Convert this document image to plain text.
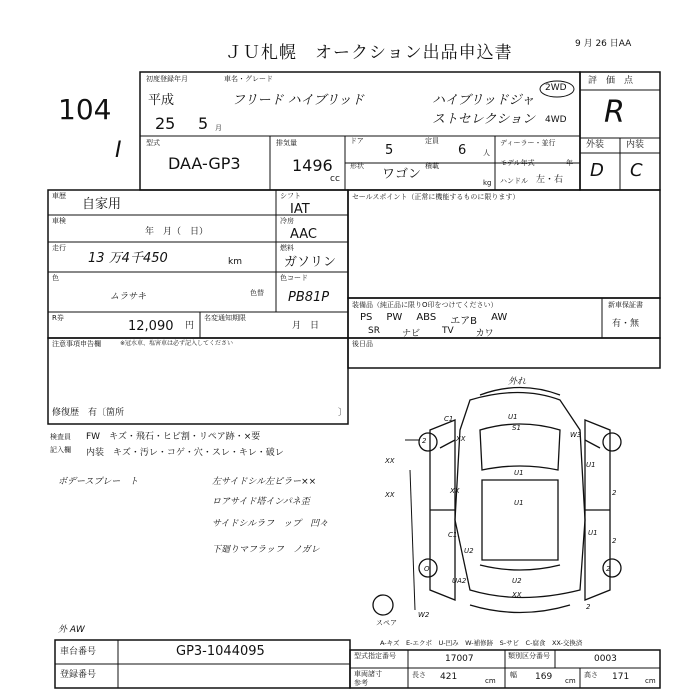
ＪＵ札幌　オークション出品申込書	9 月 26 日AA
104
I
初度登録年月	車名・グレード
平成
25 5 月
フリード ハイブリッド	ハイブリッドジャ
ストセレクション
2WD
4WD
型式
DAA-GP3
排気量
1496
cc
ドア
5
定員
6 人
形状
ワゴン
積載
kg
ディーラー・並行
モデル年式	年
ハンドル 左・右
評　価　点
R
外装 内装
D C
車歴
自家用
車検
年　月（　日）
走行
13 万4千450	km
シフト
IAT
冷房
AAC
燃料
ガソリン
色
ムラサキ	色替
色コード
PB81P
R券
12,090 円
名変通知期限
月　日
セールスポイント（正常に機能するものに限ります）
装備品（純正品に限りO印をつけてください）
PS PW ABS エアB AW
SR ナビ TV カワ
新車保証書
有・無
注意事項申告欄	※冠水車、塩害車は必ず記入してください
修復歴　有〔箇所	〕
後日品
検査員
記入欄
FW　キズ・飛石・ヒビ割・リペア跡・×要
内装　キズ・汚レ・コゲ・穴・スレ・キレ・破レ
ボデースプレー　ト	左サイドシル左ピラー××
ロアサイド塔インパネ歪
サイドシルラフ　ップ　凹々
下廻りマフラッフ　ノガレ
外 AW
外れ
スペア
U1
S1
W3
C1
2	XX
XX
XX
U1
U1
U1
2
U1
U2
UA2	U2
XX
XX
2
2
O
C1
W2
2
A-キズ　E-エクボ　U-凹み　W-補修跡　S-サビ　C-腐食　XX-交換済
車台番号	GP3-1044095
登録番号
型式指定番号	17007	類別区分番号	0003
車両諸寸
参考
長さ 421	cm
幅 169 cm
高さ 171 cm
